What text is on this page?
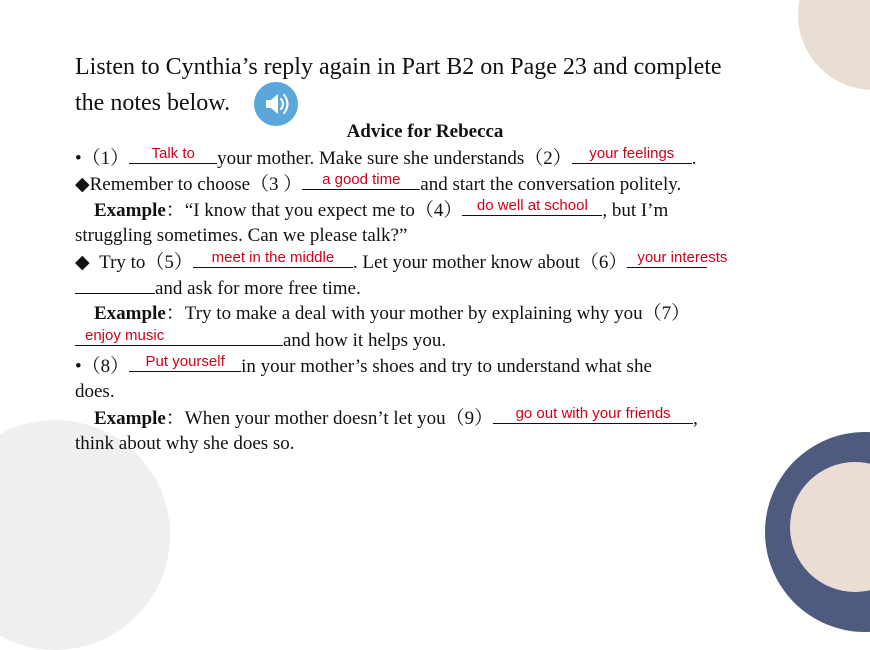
Listen to Cynthia’s reply again in Part B2 on Page 23 and complete
the notes below.
Advice for Rebecca
•（1） Talk to your mother. Make sure she understands（2） your feelings .
◆Remember to choose（3 ） a good time and start the conversation politely.
Example：“I know that you expect me to（4） do well at school , but I’m
struggling sometimes. Can we please talk?”
◆ Try to（5） meet in the middle . Let your mother know about（6） your interests
and ask for more free time.
Example：Try to make a deal with your mother by explaining why you（7）
enjoy music	and how it helps you.
•（8） Put yourself in your mother’s shoes and try to understand what she
does.
Example：When your mother doesn’t let you（9） go out with your friends ,
think about why she does so.
